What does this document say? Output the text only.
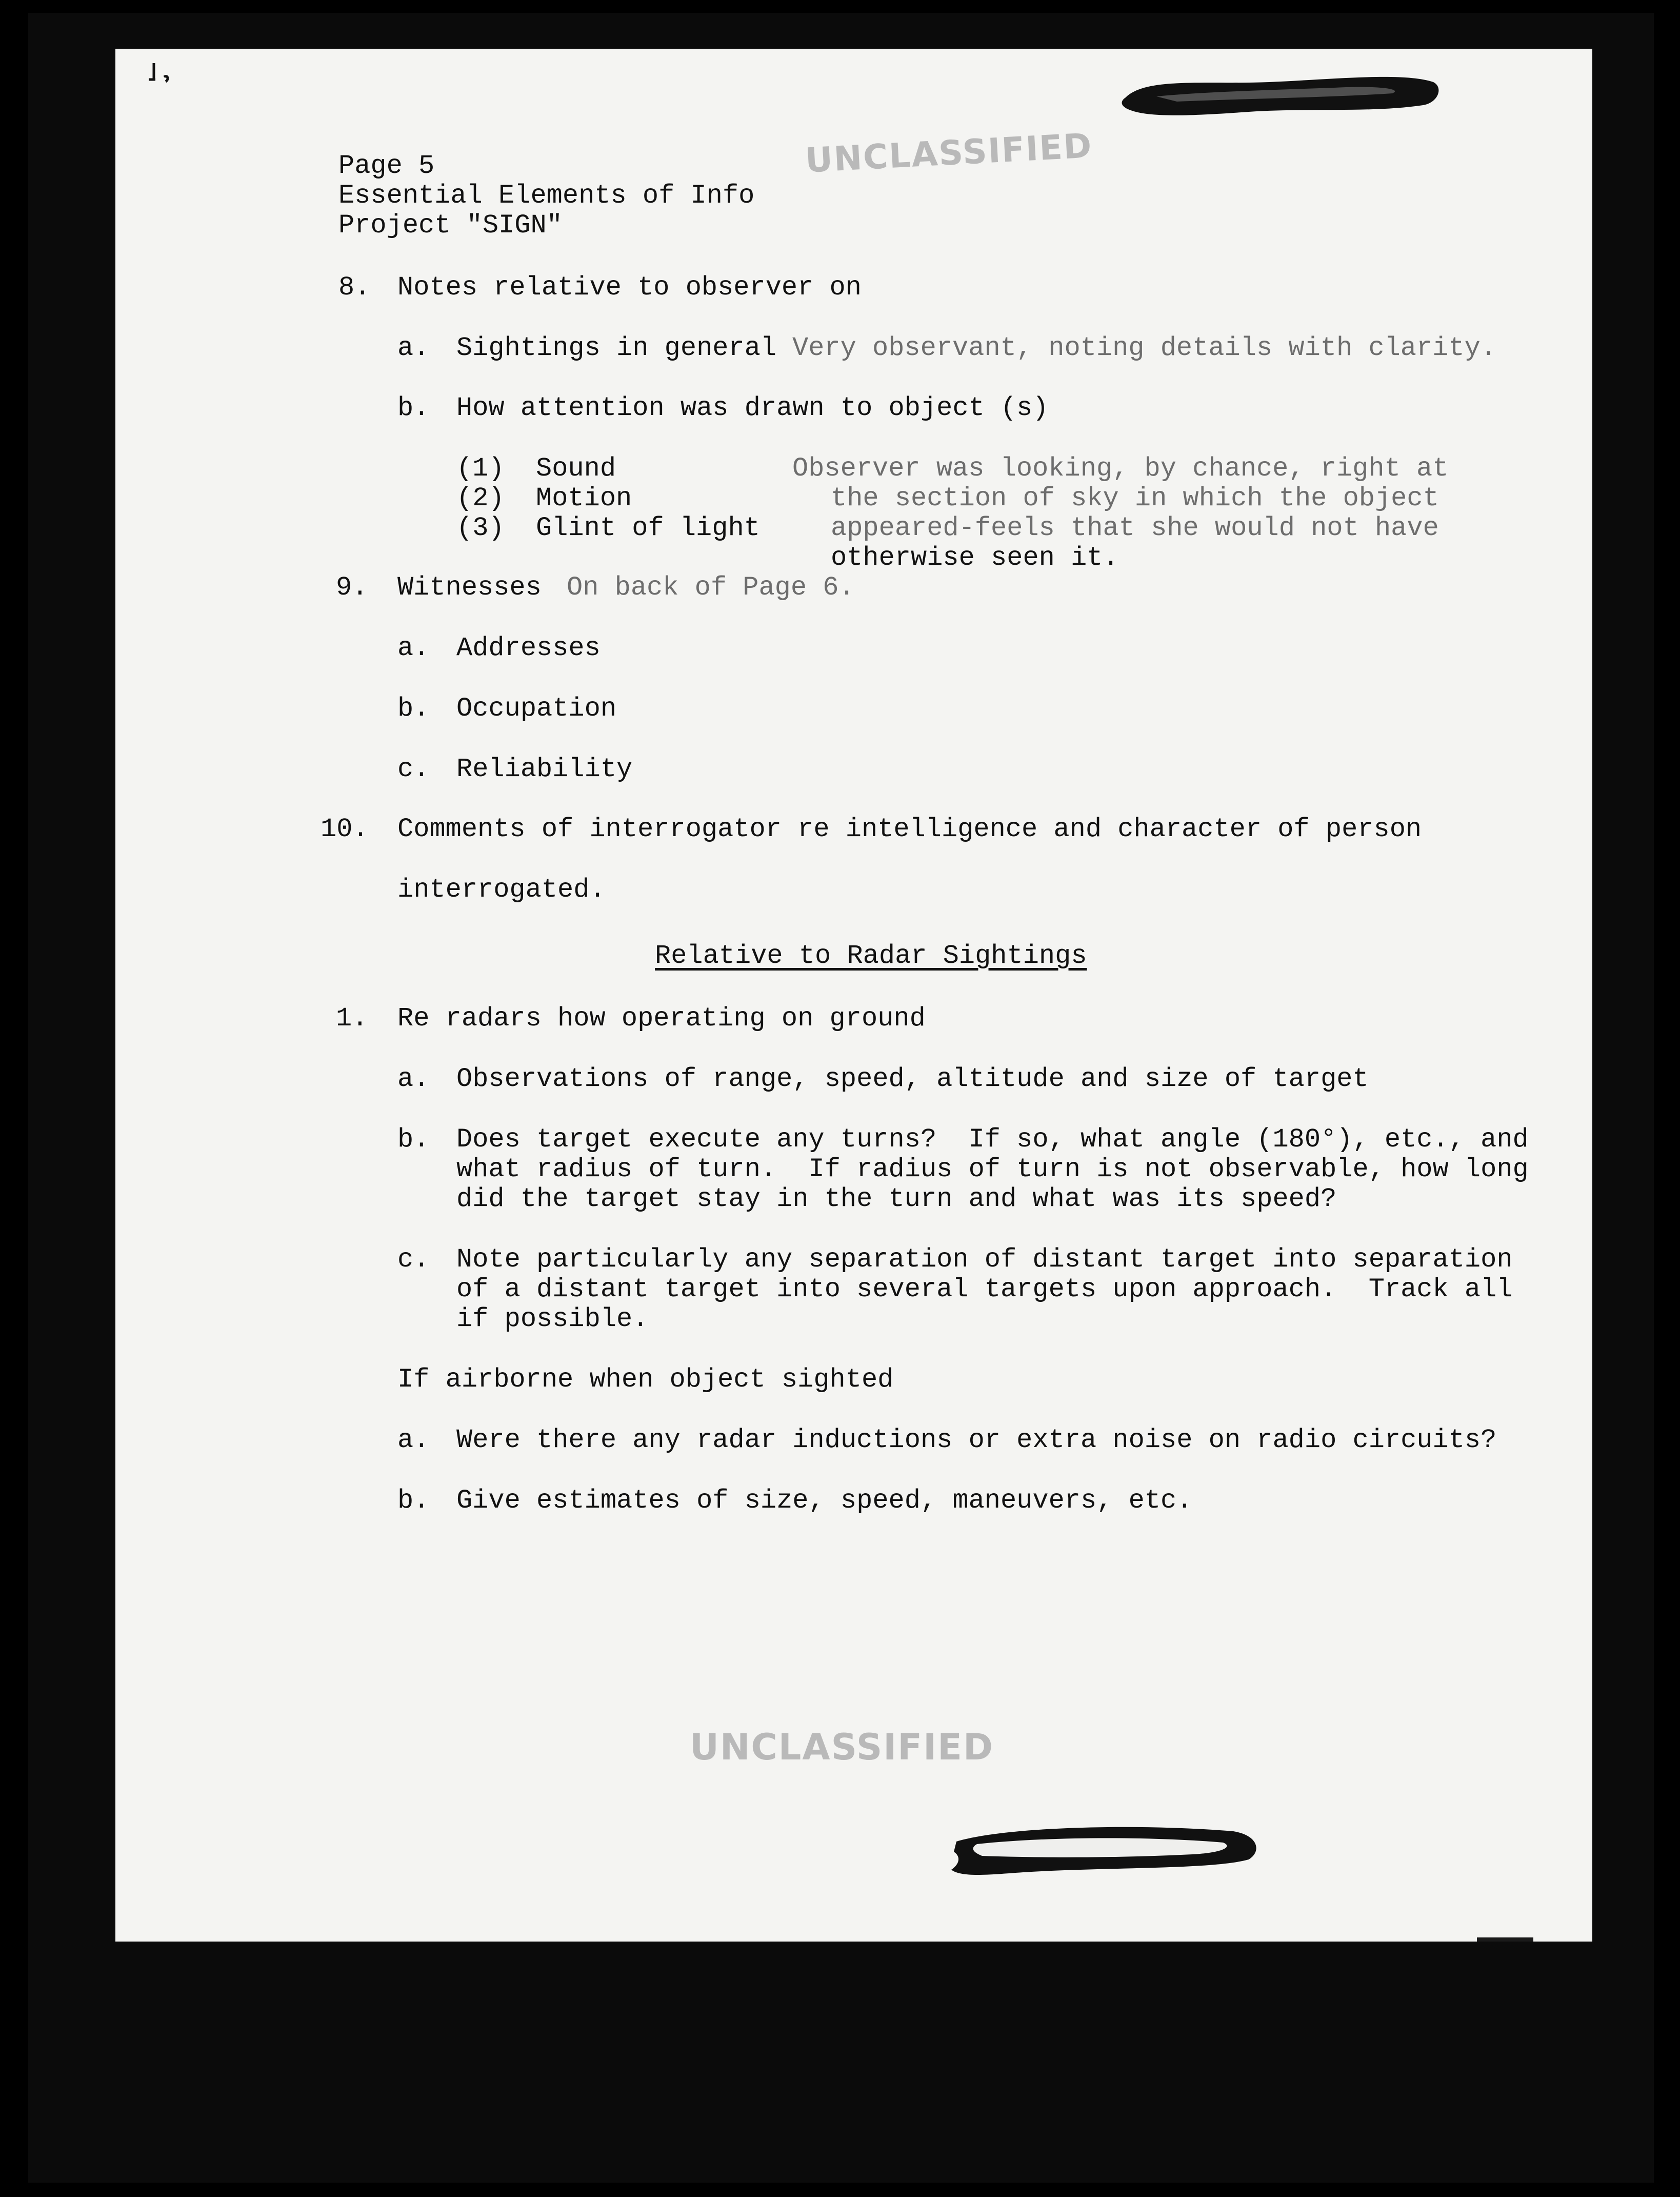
UNCLASSIFIED
UNCLASSIFIED
Page 5
Essential Elements of Info
Project "SIGN"
8. Notes relative to observer on
a. Sightings in general Very observant, noting details with clarity.
b. How attention was drawn to object (s)
(1) Sound
(2) Motion
(3) Glint of light
Observer was looking, by chance, right at
the section of sky in which the object
appeared-feels that she would not have
otherwise seen it.
9. Witnesses On back of Page 6.
a. Addresses
b. Occupation
c. Reliability
10. Comments of interrogator re intelligence and character of person
interrogated.
Relative to Radar Sightings
1. Re radars how operating on ground
a. Observations of range, speed, altitude and size of target
b. Does target execute any turns?  If so, what angle (180°), etc., and
what radius of turn.  If radius of turn is not observable, how long
did the target stay in the turn and what was its speed?
c. Note particularly any separation of distant target into separation
of a distant target into several targets upon approach.  Track all
if possible.
If airborne when object sighted
a. Were there any radar inductions or extra noise on radio circuits?
b. Give estimates of size, speed, maneuvers, etc.
